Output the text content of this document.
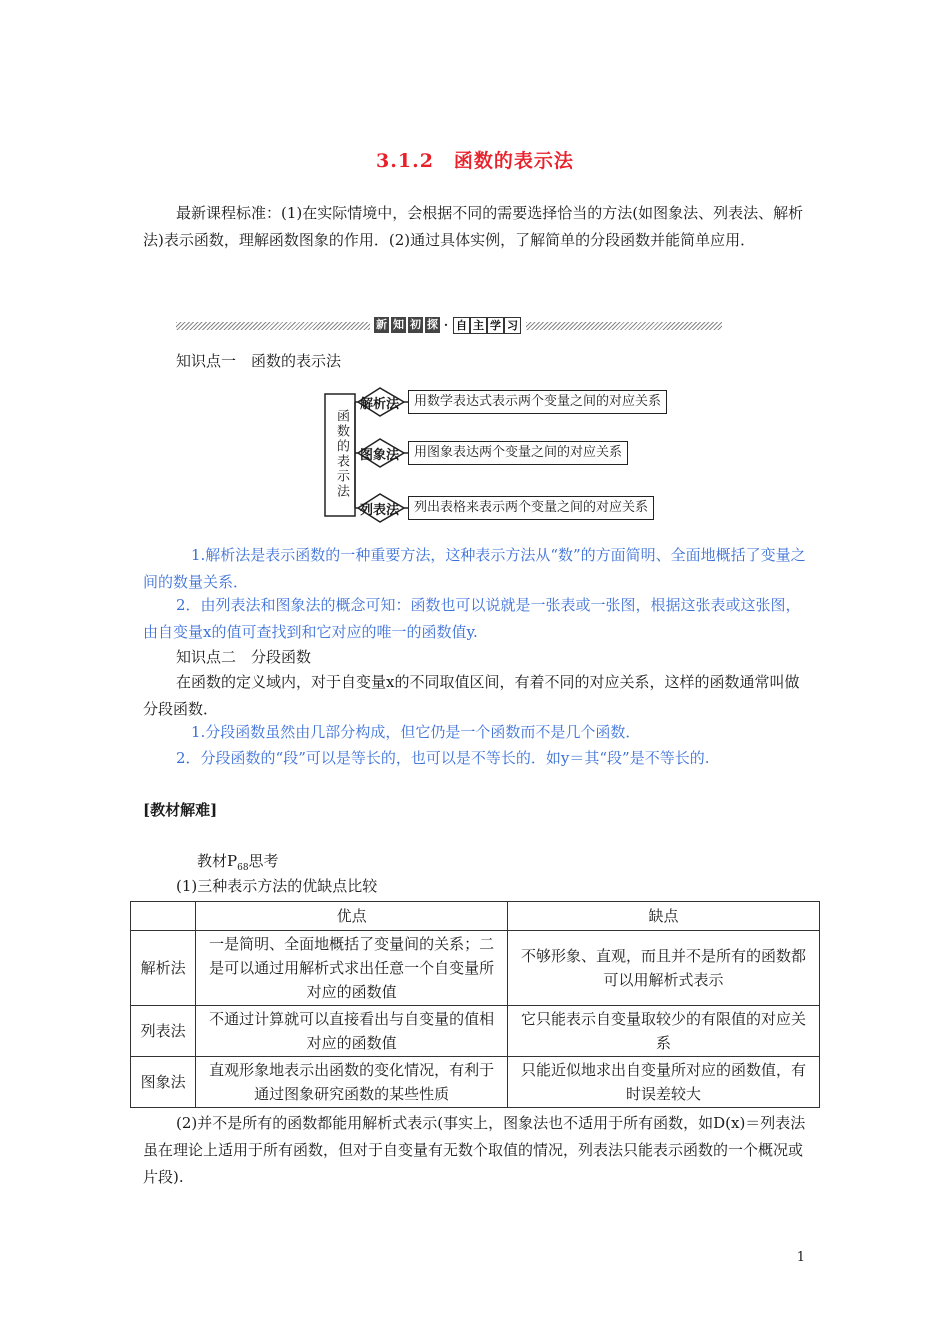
3.1.2　函数的表示法
最新课程标准：(1)在实际情境中，会根据不同的需要选择恰当的方法(如图象法、列表法、解析法)表示函数，理解函数图象的作用．(2)通过具体实例，了解简单的分段函数并能简单应用．
新 知 初 探 · 自 主 学 习
知识点一　函数的表示法
函数的表示法
解析法
图象法
列表法
用数学表达式表示两个变量之间的对应关系
用图象表达两个变量之间的对应关系
列出表格来表示两个变量之间的对应关系
1.解析法是表示函数的一种重要方法，这种表示方法从“数”的方面简明、全面地概括了变量之间的数量关系．
2．由列表法和图象法的概念可知：函数也可以说就是一张表或一张图，根据这张表或这张图，由自变量x的值可查找到和它对应的唯一的函数值y.
知识点二　分段函数
在函数的定义域内，对于自变量x的不同取值区间，有着不同的对应关系，这样的函数通常叫做分段函数．
1.分段函数虽然由几部分构成，但它仍是一个函数而不是几个函数．
2．分段函数的“段”可以是等长的，也可以是不等长的．如y＝其“段”是不等长的.
[教材解难]
教材$P_{68}$思考
(1)三种表示方法的优缺点比较
	优点	缺点
解析法	一是简明、全面地概括了变量间的关系；二是可以通过用解析式求出任意一个自变量所对应的函数值	不够形象、直观，而且并不是所有的函数都可以用解析式表示
列表法	不通过计算就可以直接看出与自变量的值相对应的函数值	它只能表示自变量取较少的有限值的对应关系
图象法	直观形象地表示出函数的变化情况，有利于通过图象研究函数的某些性质	只能近似地求出自变量所对应的函数值，有时误差较大
(2)并不是所有的函数都能用解析式表示(事实上，图象法也不适用于所有函数，如D(x)＝列表法虽在理论上适用于所有函数，但对于自变量有无数个取值的情况，列表法只能表示函数的一个概况或片段).
1
